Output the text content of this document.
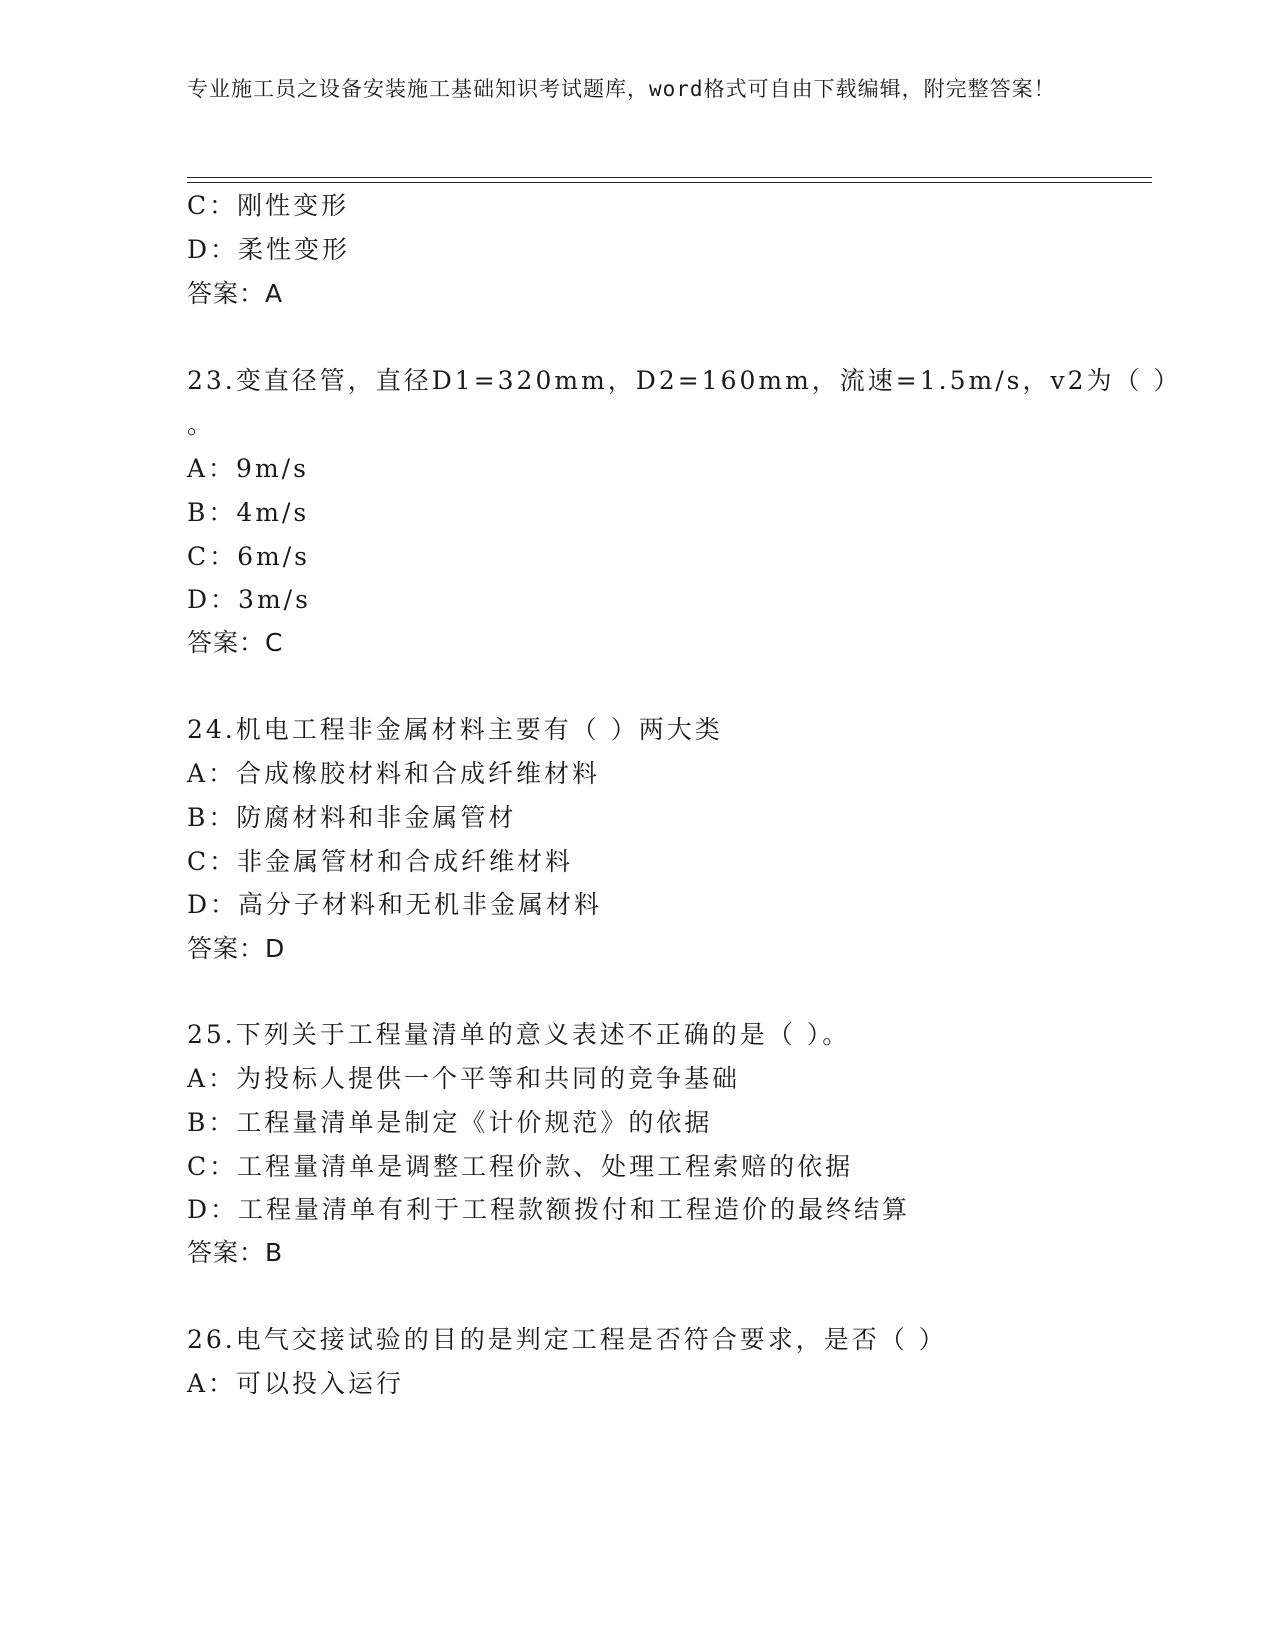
专业施工员之设备安装施工基础知识考试题库，word格式可自由下载编辑，附完整答案！
C：刚性变形
D：柔性变形
答案：A
23.变直径管，直径D1=320mm，D2=160mm，流速=1.5m/s，v2为（ ）
。
A：9m/s
B：4m/s
C：6m/s
D：3m/s
答案：C
24.机电工程非金属材料主要有（ ）两大类
A：合成橡胶材料和合成纤维材料
B：防腐材料和非金属管材
C：非金属管材和合成纤维材料
D：高分子材料和无机非金属材料
答案：D
25.下列关于工程量清单的意义表述不正确的是（ ）。
A：为投标人提供一个平等和共同的竞争基础
B：工程量清单是制定《计价规范》的依据
C：工程量清单是调整工程价款、处理工程索赔的依据
D：工程量清单有利于工程款额拨付和工程造价的最终结算
答案：B
26.电气交接试验的目的是判定工程是否符合要求，是否（ ）
A：可以投入运行
